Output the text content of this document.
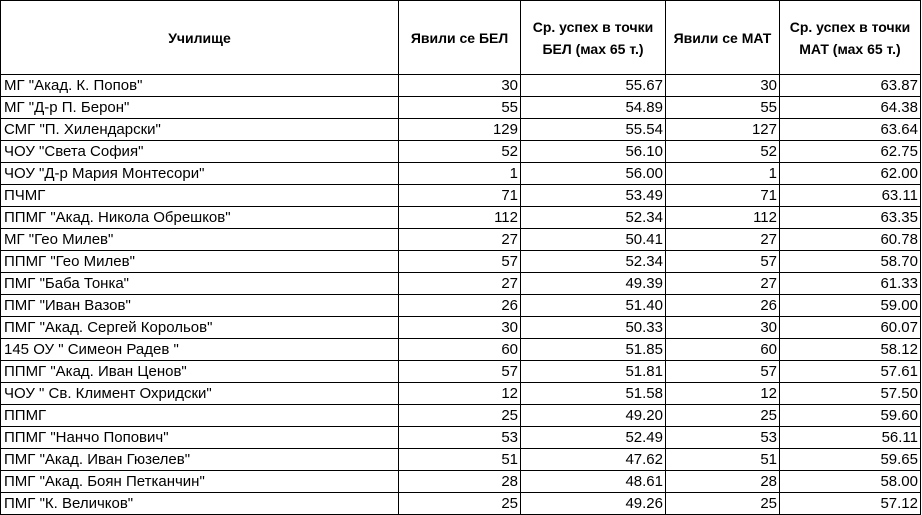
Училище	Явили се БЕЛ	Ср. успех в точки БЕЛ (мах 65 т.)	Явили се МАТ	Ср. успех в точки МАТ (мах 65 т.)
МГ "Акад. К. Попов"	30	55.67	30	63.87
МГ "Д-р П. Берон"	55	54.89	55	64.38
СМГ "П. Хилендарски"	129	55.54	127	63.64
ЧОУ "Света София"	52	56.10	52	62.75
ЧОУ "Д-р Мария Монтесори"	1	56.00	1	62.00
ПЧМГ	71	53.49	71	63.11
ППМГ "Акад. Никола Обрешков"	112	52.34	112	63.35
МГ "Гео Милев"	27	50.41	27	60.78
ППМГ "Гео Милев"	57	52.34	57	58.70
ПМГ "Баба Тонка"	27	49.39	27	61.33
ПМГ "Иван Вазов"	26	51.40	26	59.00
ПМГ "Акад. Сергей Корольов"	30	50.33	30	60.07
145 ОУ " Симеон Радев "	60	51.85	60	58.12
ППМГ "Акад. Иван Ценов"	57	51.81	57	57.61
ЧОУ " Св. Климент Охридски"	12	51.58	12	57.50
ППМГ	25	49.20	25	59.60
ППМГ "Нанчо Попович"	53	52.49	53	56.11
ПМГ "Акад. Иван Гюзелев"	51	47.62	51	59.65
ПМГ "Акад. Боян Петканчин"	28	48.61	28	58.00
ПМГ "К. Величков"	25	49.26	25	57.12
